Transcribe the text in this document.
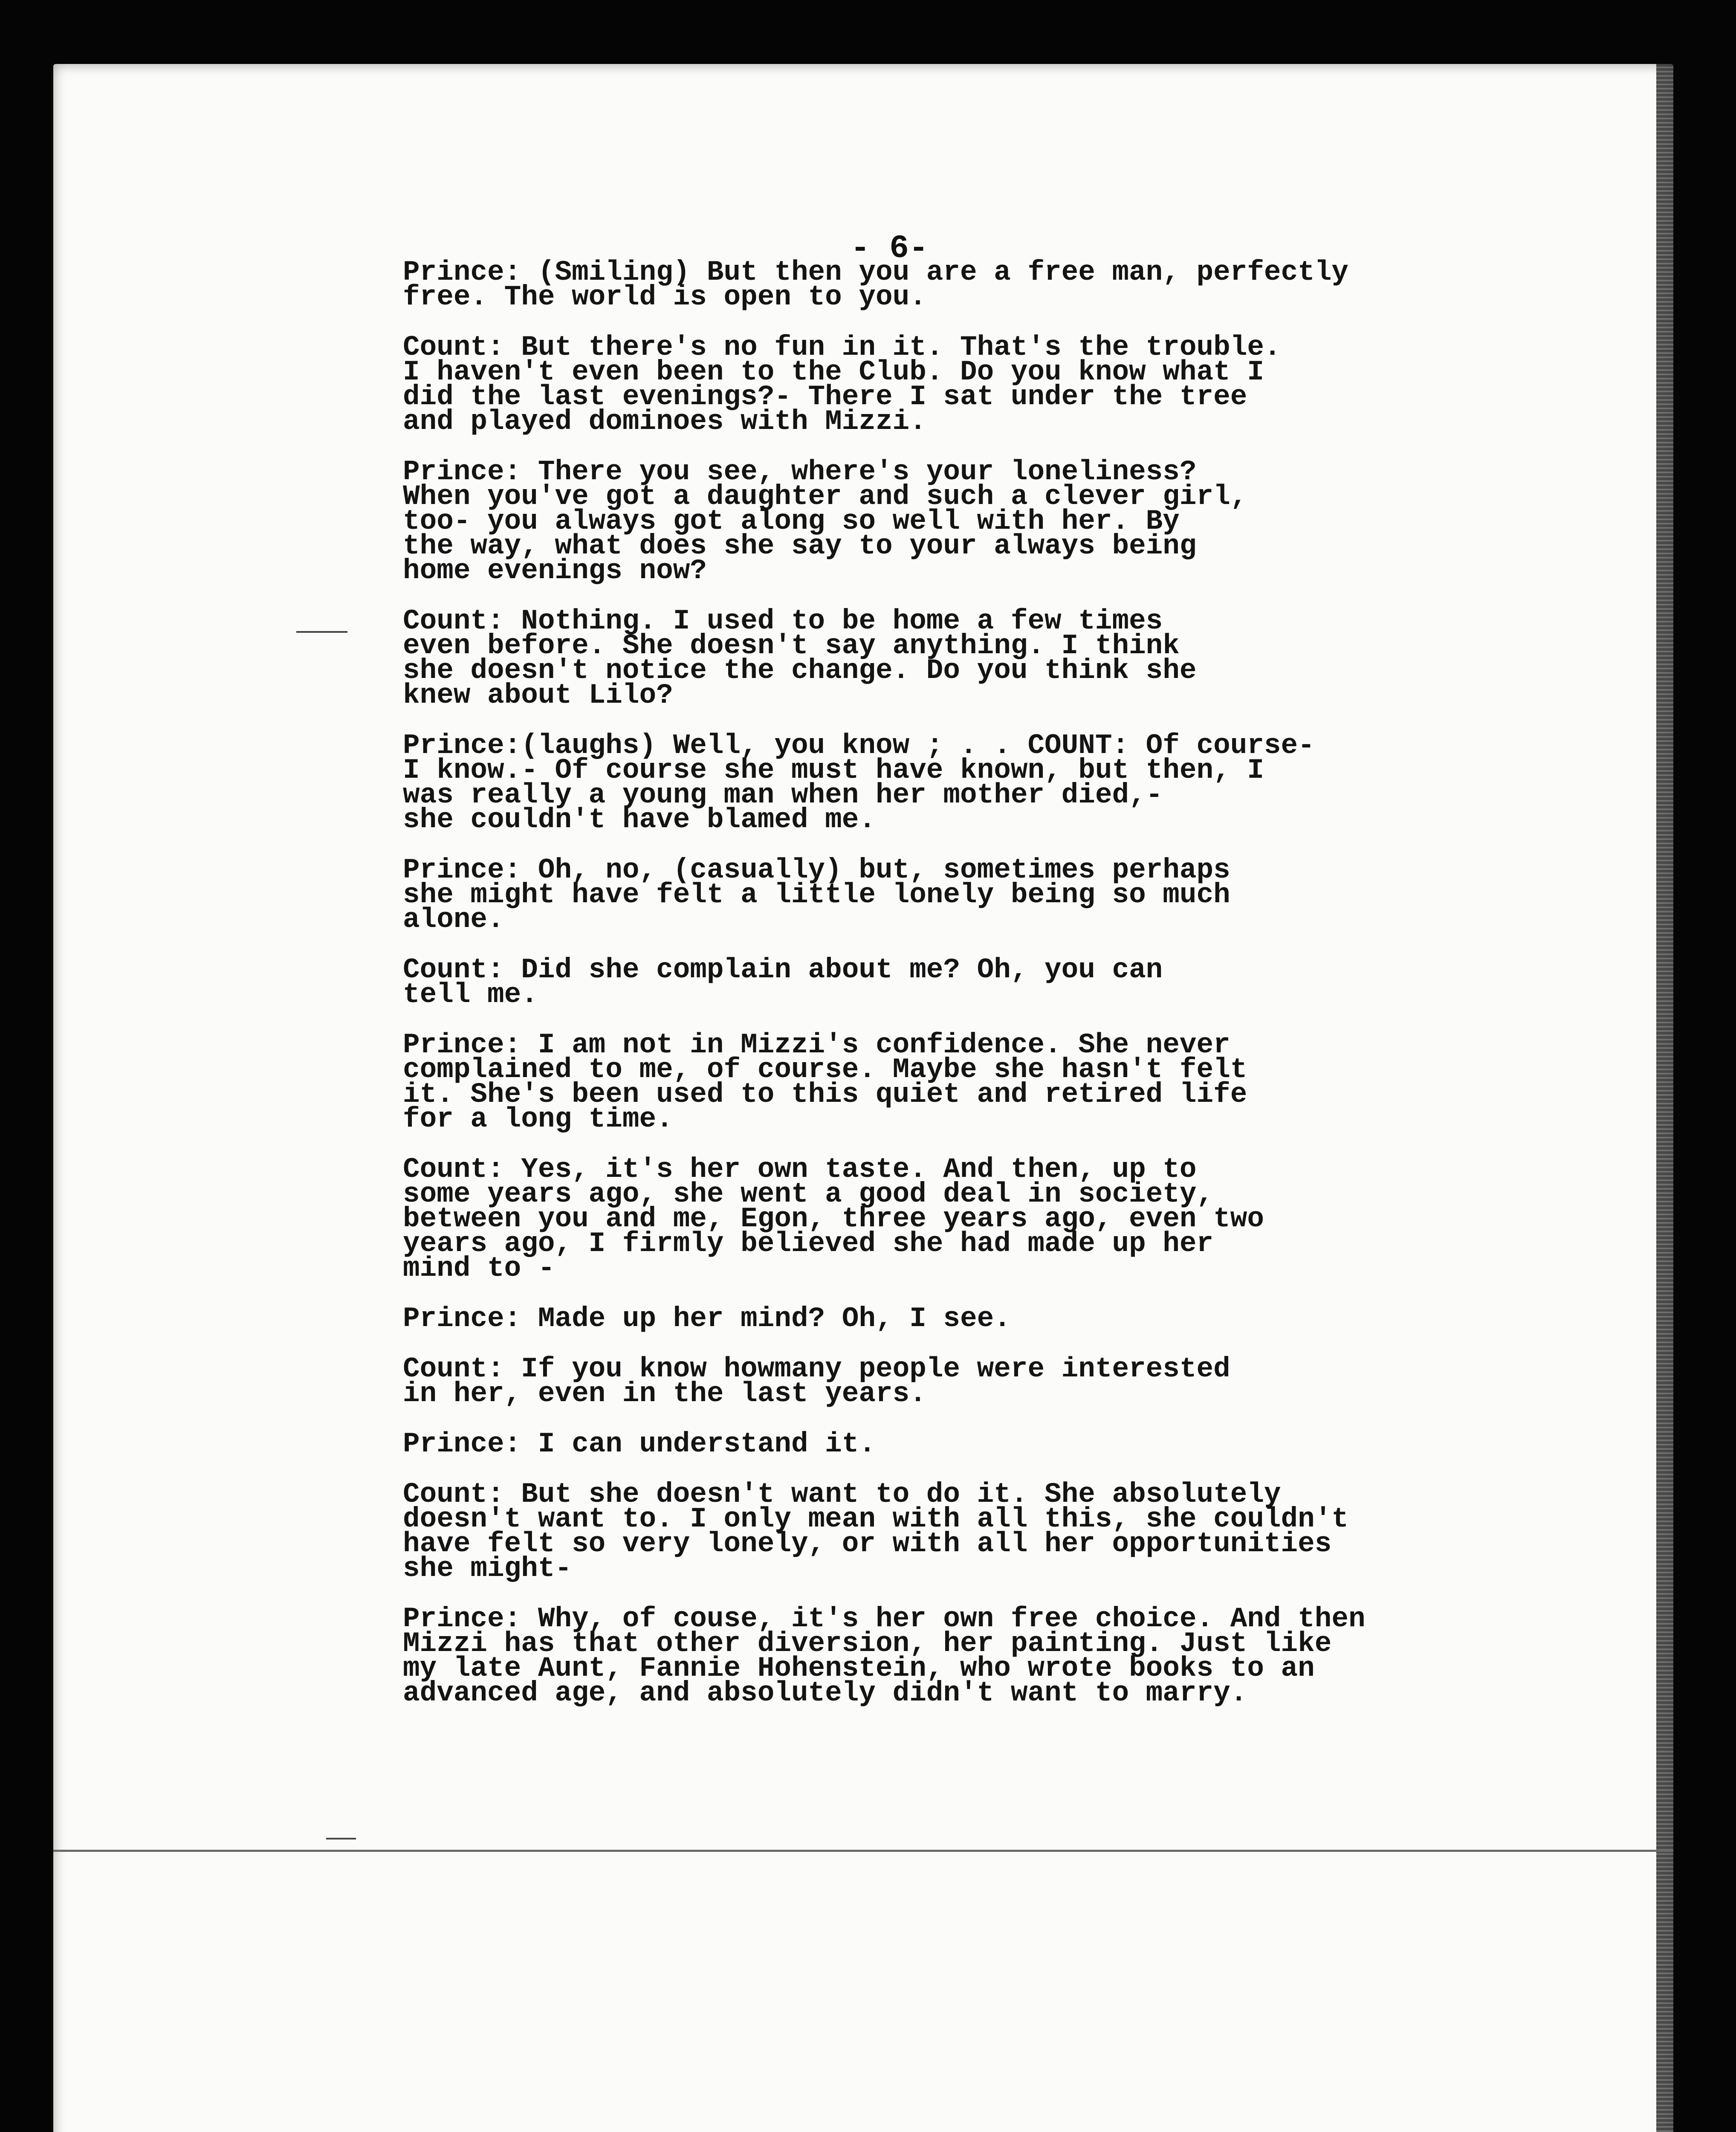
- 6-
Prince: (Smiling) But then you are a free man, perfectly
free. The world is open to you.
Count: But there's no fun in it. That's the trouble.
I haven't even been to the Club. Do you know what I
did the last evenings?- There I sat under the tree
and played dominoes with Mizzi.
Prince: There you see, where's your loneliness?
When you've got a daughter and such a clever girl,
too- you always got along so well with her. By
the way, what does she say to your always being
home evenings now?
Count: Nothing. I used to be home a few times
even before. She doesn't say anything. I think
she doesn't notice the change. Do you think she
knew about Lilo?
Prince:(laughs) Well, you know ; . . COUNT: Of course-
I know.- Of course she must have known, but then, I
was really a young man when her mother died,-
she couldn't have blamed me.
Prince: Oh, no, (casually) but, sometimes perhaps
she might have felt a little lonely being so much
alone.
Count: Did she complain about me? Oh, you can
tell me.
Prince: I am not in Mizzi's confidence. She never
complained to me, of course. Maybe she hasn't felt
it. She's been used to this quiet and retired life
for a long time.
Count: Yes, it's her own taste. And then, up to
some years ago, she went a good deal in society,
between you and me, Egon, three years ago, even two
years ago, I firmly believed she had made up her
mind to -
Prince: Made up her mind? Oh, I see.
Count: If you know howmany people were interested
in her, even in the last years.
Prince: I can understand it.
Count: But she doesn't want to do it. She absolutely
doesn't want to. I only mean with all this, she couldn't
have felt so very lonely, or with all her opportunities
she might-
Prince: Why, of couse, it's her own free choice. And then
Mizzi has that other diversion, her painting. Just like
my late Aunt, Fannie Hohenstein, who wrote books to an
advanced age, and absolutely didn't want to marry.
